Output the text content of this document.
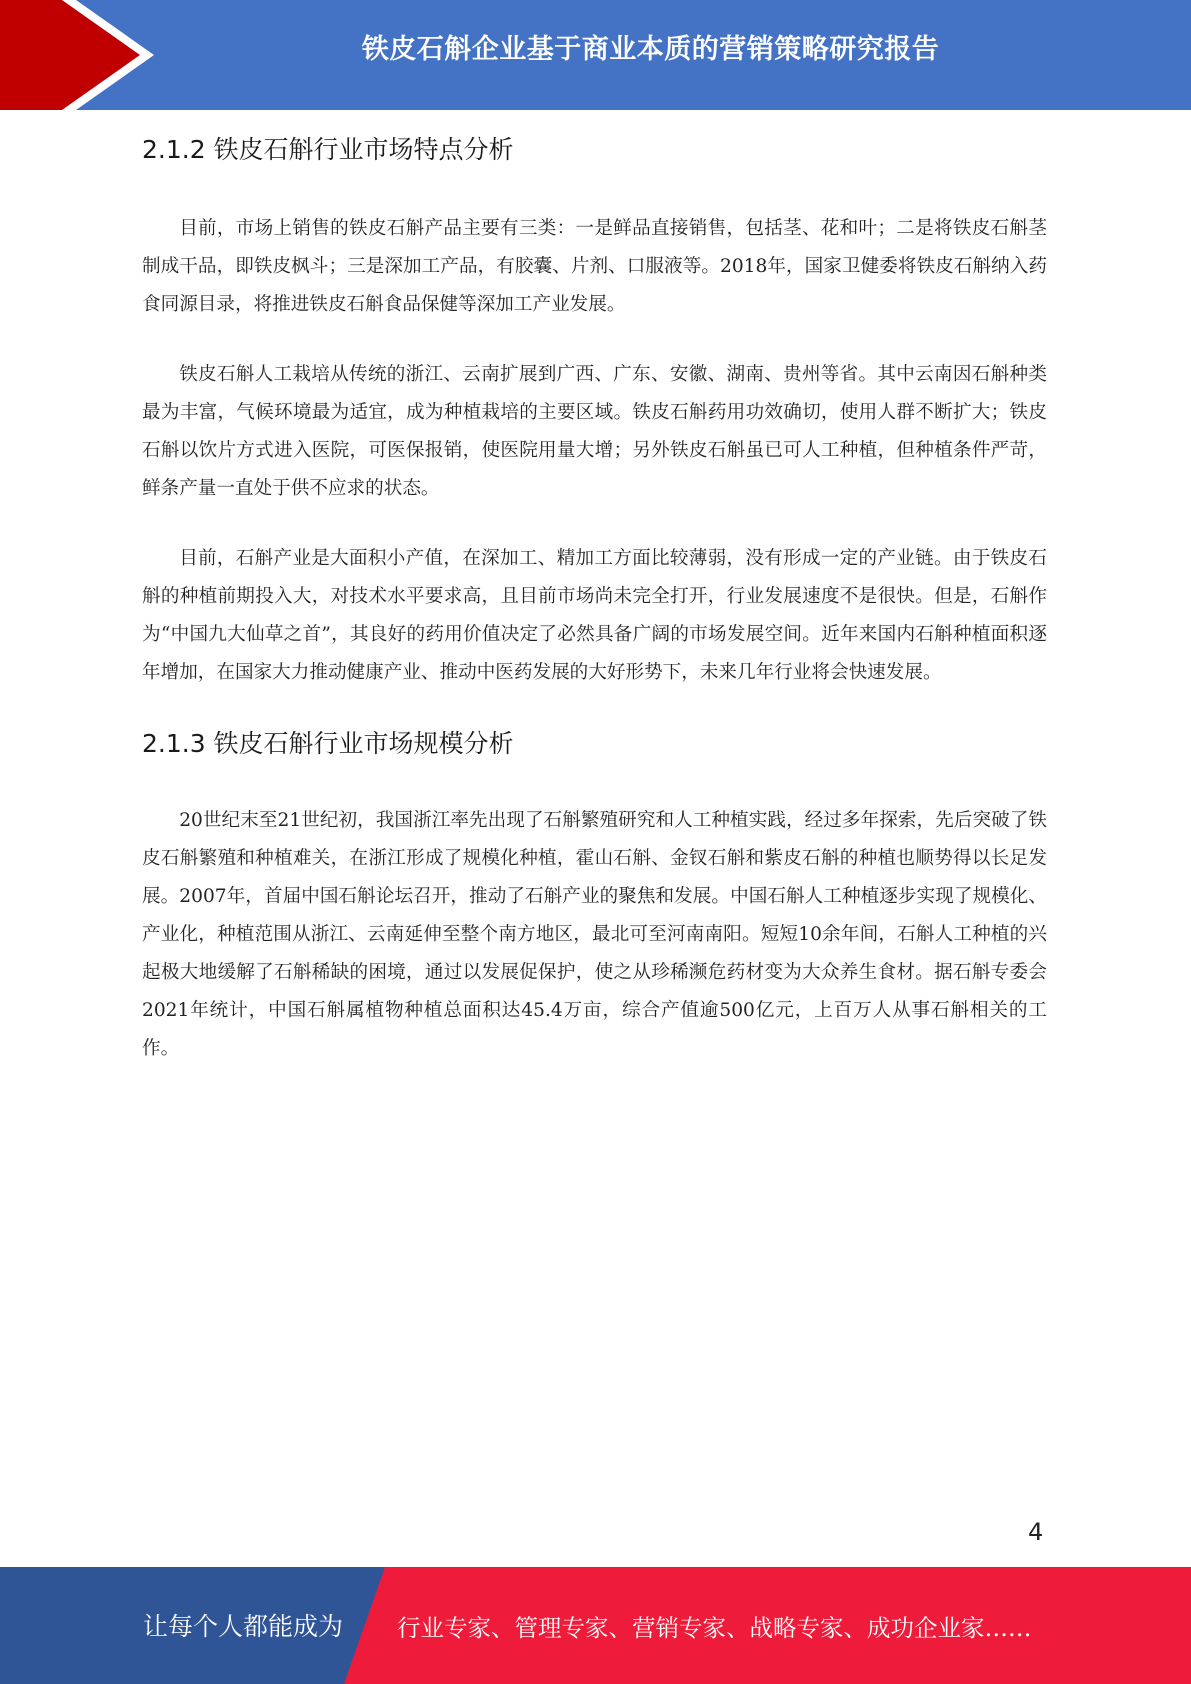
铁皮石斛企业基于商业本质的营销策略研究报告
2.1.2 铁皮石斛行业市场特点分析

目前，市场上销售的铁皮石斛产品主要有三类：一是鲜品直接销售，包括茎、花和叶；二是将铁皮石斛茎制成干品，即铁皮枫斗；三是深加工产品，有胶囊、片剂、口服液等。2018年，国家卫健委将铁皮石斛纳入药食同源目录，将推进铁皮石斛食品保健等深加工产业发展。

铁皮石斛人工栽培从传统的浙江、云南扩展到广西、广东、安徽、湖南、贵州等省。其中云南因石斛种类最为丰富，气候环境最为适宜，成为种植栽培的主要区域。铁皮石斛药用功效确切，使用人群不断扩大；铁皮石斛以饮片方式进入医院，可医保报销，使医院用量大增；另外铁皮石斛虽已可人工种植，但种植条件严苛，鲜条产量一直处于供不应求的状态。

目前，石斛产业是大面积小产值，在深加工、精加工方面比较薄弱，没有形成一定的产业链。由于铁皮石斛的种植前期投入大，对技术水平要求高，且目前市场尚未完全打开，行业发展速度不是很快。但是，石斛作为“中国九大仙草之首”，其良好的药用价值决定了必然具备广阔的市场发展空间。近年来国内石斛种植面积逐年增加，在国家大力推动健康产业、推动中医药发展的大好形势下，未来几年行业将会快速发展。

2.1.3 铁皮石斛行业市场规模分析

20世纪末至21世纪初，我国浙江率先出现了石斛繁殖研究和人工种植实践，经过多年探索，先后突破了铁皮石斛繁殖和种植难关，在浙江形成了规模化种植，霍山石斛、金钗石斛和紫皮石斛的种植也顺势得以长足发展。2007年，首届中国石斛论坛召开，推动了石斛产业的聚焦和发展。中国石斛人工种植逐步实现了规模化、产业化，种植范围从浙江、云南延伸至整个南方地区，最北可至河南南阳。短短10余年间，石斛人工种植的兴起极大地缓解了石斛稀缺的困境，通过以发展促保护，使之从珍稀濒危药材变为大众养生食材。据石斛专委会2021年统计，中国石斛属植物种植总面积达45.4万亩，综合产值逾500亿元，上百万人从事石斛相关的工作。

4
让每个人都能成为 行业专家、管理专家、营销专家、战略专家、成功企业家……
